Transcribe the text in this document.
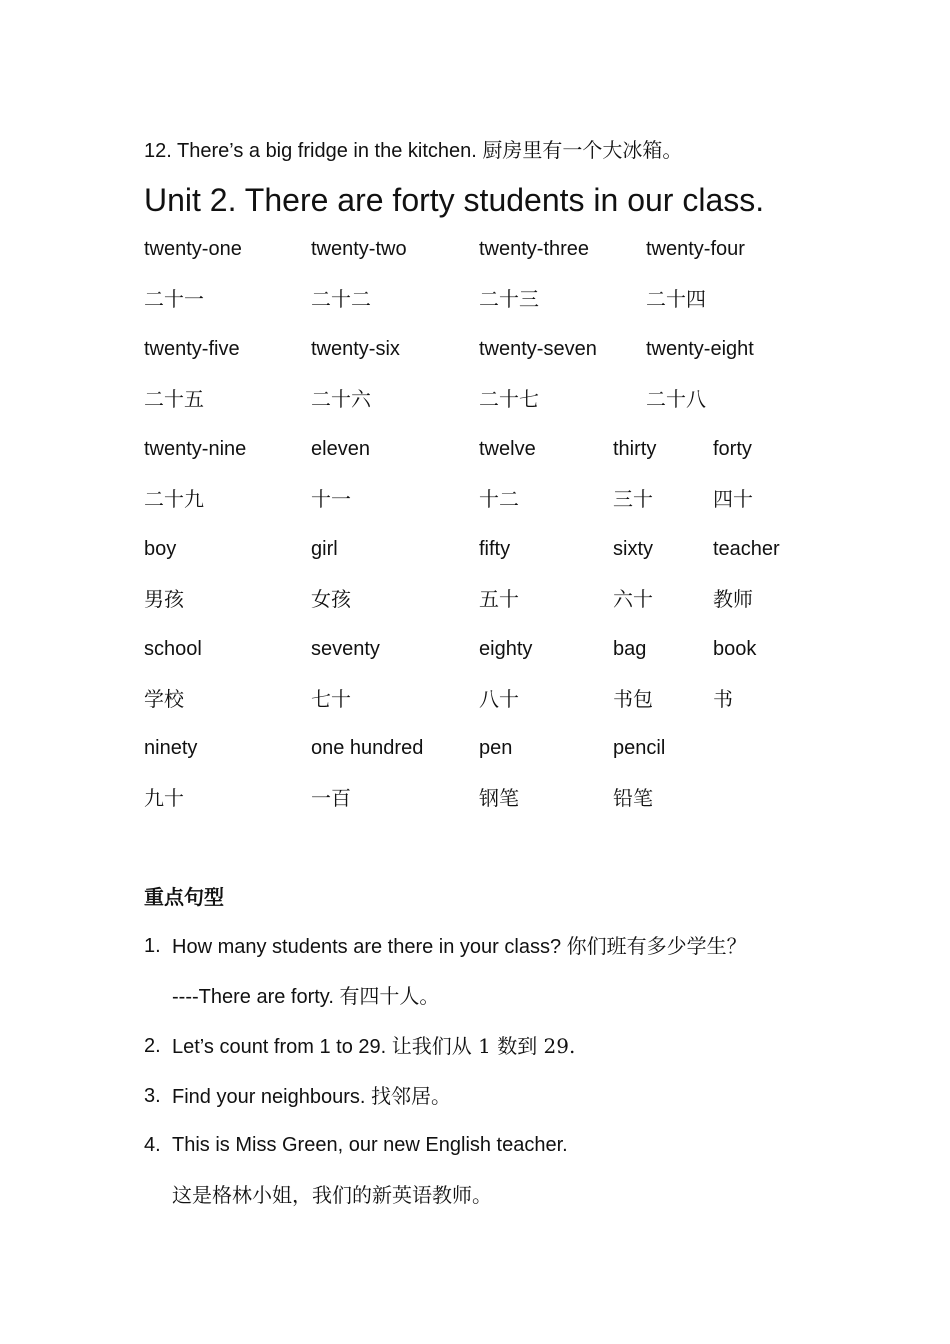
12. There’s a big fridge in the kitchen. 厨房里有一个大冰箱。
Unit 2. There are forty students in our class.
twenty-one
二十一
twenty-two
二十二
twenty-three
二十三
twenty-four
二十四
twenty-five
二十五
twenty-six
二十六
twenty-seven
二十七
twenty-eight
二十八
twenty-nine
二十九
eleven
十一
twelve
十二
thirty
三十
forty
四十
boy
男孩
girl
女孩
fifty
五十
sixty
六十
teacher
教师
school
学校
seventy
七十
eighty
八十
bag
书包
book
书
ninety
九十
one hundred
一百
pen
钢笔
pencil
铅笔
重点句型
1. How many students are there in your class? 你们班有多少学生？
----There are forty. 有四十人。
2. Let’s count from 1 to 29. 让我们从 1 数到 29.
3. Find your neighbours. 找邻居。
4. This is Miss Green, our new English teacher.
这是格林小姐，我们的新英语教师。
